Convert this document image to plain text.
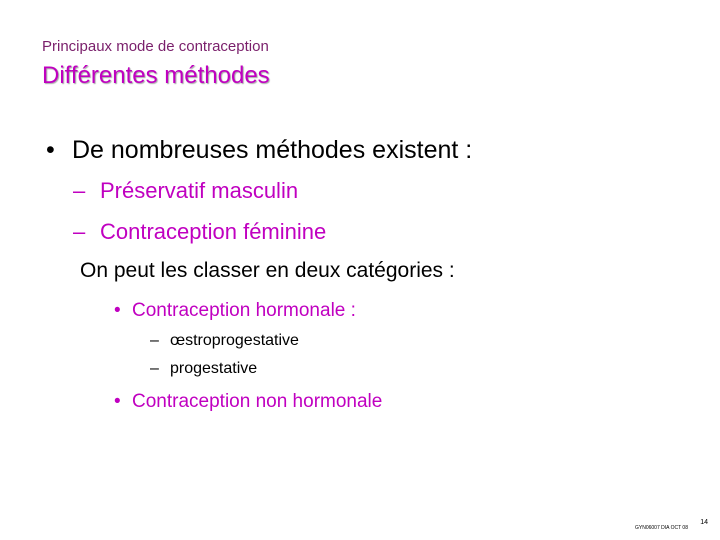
Principaux mode de contraception
Différentes méthodes
• De nombreuses méthodes existent :
– Préservatif masculin
– Contraception féminine
On peut les classer en deux catégories :
• Contraception hormonale :
– œstroprogestative
– progestative
• Contraception non hormonale
GYN06007 DIA OCT 08
14
